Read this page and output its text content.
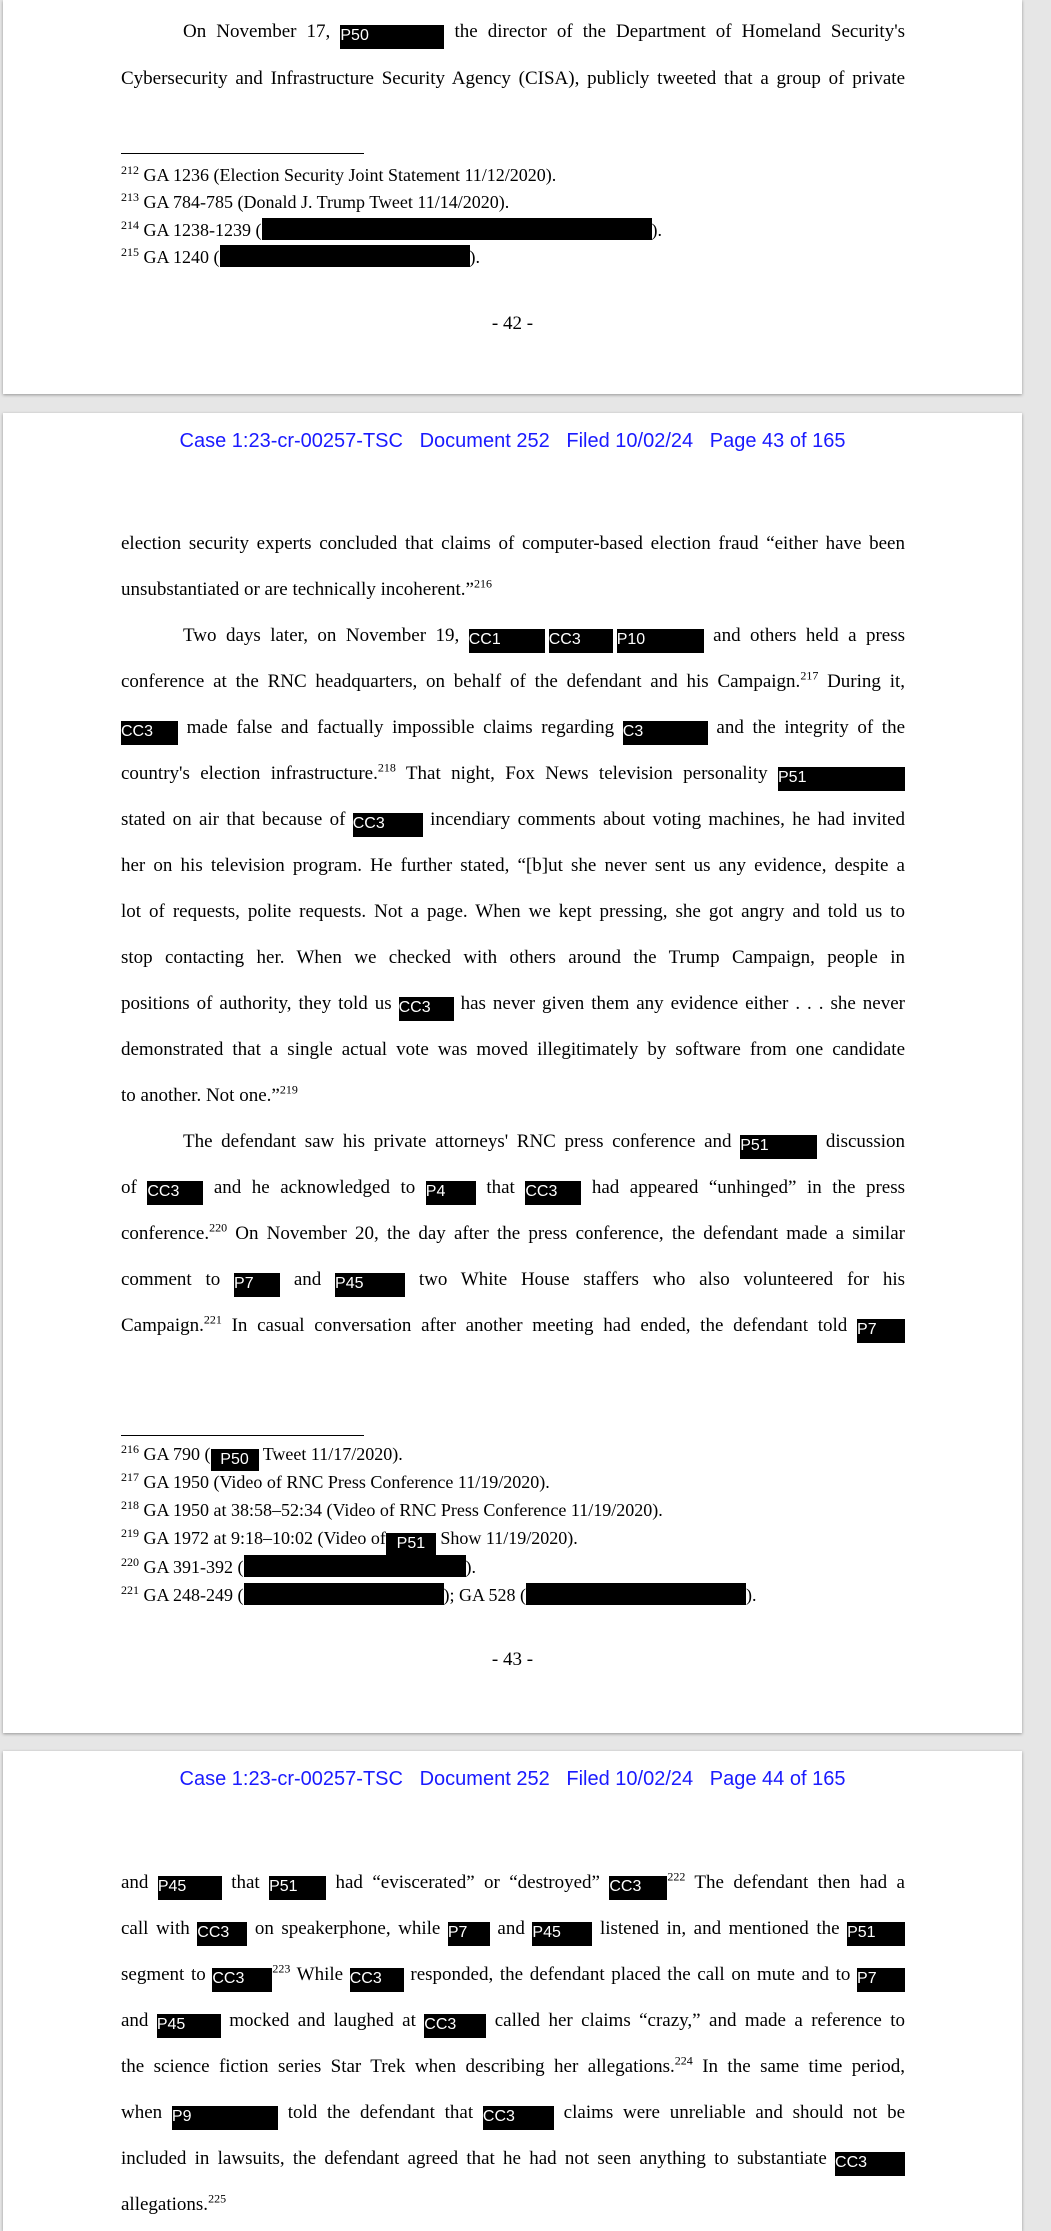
On November 17, P50	the director of the Department of Homeland Security's
Cybersecurity and Infrastructure Security Agency (CISA), publicly tweeted that a group of private
$^{212}$ GA 1236 (Election Security Joint Statement 11/12/2020).
$^{213}$ GA 784-785 (Donald J. Trump Tweet 11/14/2020).
$^{214}$ GA 1238-1239 (	).
$^{215}$ GA 1240 (	).
- 42 -
Case 1:23-cr-00257-TSC   Document 252   Filed 10/02/24   Page 43 of 165
election security experts concluded that claims of computer-based election fraud “either have been
unsubstantiated or are technically incoherent.”$^{216}$
Two days later, on November 19, CC1	CC3 P10	and others held a press
conference at the RNC headquarters, on behalf of the defendant and his Campaign.$^{217}$ During it,
CC3 made false and factually impossible claims regarding C3	and the integrity of the
country's election infrastructure.$^{218}$ That night, Fox News television personality P51
stated on air that because of CC3 incendiary comments about voting machines, he had invited
her on his television program. He further stated, “[b]ut she never sent us any evidence, despite a
lot of requests, polite requests. Not a page. When we kept pressing, she got angry and told us to
stop contacting her. When we checked with others around the Trump Campaign, people in
positions of authority, they told us CC3 has never given them any evidence either . . . she never
demonstrated that a single actual vote was moved illegitimately by software from one candidate
to another. Not one.”$^{219}$
The defendant saw his private attorneys' RNC press conference and P51	discussion
of CC3 and he acknowledged to P4 that CC3 had appeared “unhinged” in the press
conference.$^{220}$ On November 20, the day after the press conference, the defendant made a similar
comment to P7 and P45	two White House staffers who also volunteered for his
Campaign.$^{221}$ In casual conversation after another meeting had ended, the defendant told P7
$^{216}$ GA 790 ( P50 Tweet 11/17/2020).
$^{217}$ GA 1950 (Video of RNC Press Conference 11/19/2020).
$^{218}$ GA 1950 at 38:58–52:34 (Video of RNC Press Conference 11/19/2020).
$^{219}$ GA 1972 at 9:18–10:02 (Video of P51 Show 11/19/2020).
$^{220}$ GA 391-392 (	).
$^{221}$ GA 248-249 (	); GA 528 (	).
- 43 -
Case 1:23-cr-00257-TSC   Document 252   Filed 10/02/24   Page 44 of 165
and P45 that P51 had “eviscerated” or “destroyed” $CC3^{222}$ The defendant then had a
call with CC3 on speakerphone, while P7 and P45 listened in, and mentioned the P51
segment to $CC3^{223}$ While CC3 responded, the defendant placed the call on mute and to P7
and P45 mocked and laughed at CC3 called her claims “crazy,” and made a reference to
the science fiction series Star Trek when describing her allegations.$^{224}$ In the same time period,
when P9	told the defendant that CC3	claims were unreliable and should not be
included in lawsuits, the defendant agreed that he had not seen anything to substantiate CC3
allegations.$^{225}$
